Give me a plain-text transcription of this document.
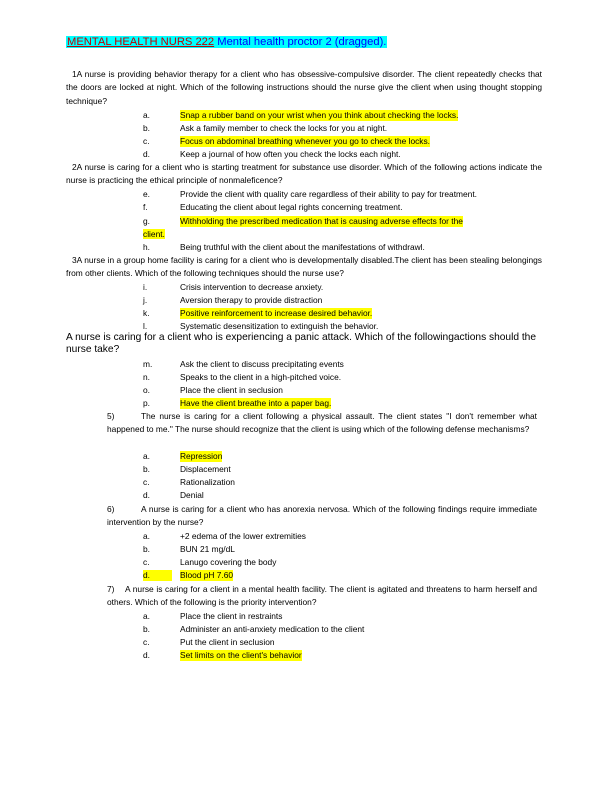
MENTAL HEALTH NURS 222 Mental health proctor 2 (dragged).
1A nurse is providing behavior therapy for a client who has obsessive-compulsive disorder. The client repeatedly checks that the doors are locked at night. Which of the following instructions should the nurse give the client when using thought stopping technique?
a.	Snap a rubber band on your wrist when you think about checking the locks.
b.	Ask a family member to check the locks for you at night.
c.	Focus on abdominal breathing whenever you go to check the locks.
d.	Keep a journal of how often you check the locks each night.
2A nurse is caring for a client who is starting treatment for substance use disorder. Which of the following actions indicate the nurse is practicing the ethical principle of nonmaleficence?
e.	Provide the client with quality care regardless of their ability to pay for treatment.
f.	Educating the client about legal rights concerning treatment.
g.	Withholding the prescribed medication that is causing adverse effects for the
client.
h.	Being truthful with the client about the manifestations of withdrawl.
3A nurse in a group home facility is caring for a client who is developmentally disabled.The client has been stealing belongings from other clients. Which of the following techniques should the nurse use?
i.	Crisis intervention to decrease anxiety.
j.	Aversion therapy to provide distraction
k.	Positive reinforcement to increase desired behavior.
l.	Systematic desensitization to extinguish the behavior.
A nurse is caring for a client who is experiencing a panic attack. Which of the followingactions should the nurse take?
m.	Ask the client to discuss precipitating events
n.	Speaks to the client in a high-pitched voice.
o.	Place the client in seclusion
p.	Have the client breathe into a paper bag.
5)	The nurse is caring for a client following a physical assault. The client states "I don't remember what happened to me." The nurse should recognize that the client is using which of the following defense mechanisms?
a.	Repression
b.	Displacement
c.	Rationalization
d.	Denial
6)	A nurse is caring for a client who has anorexia nervosa. Which of the following findings require immediate intervention by the nurse?
a.	+2 edema of the lower extremities
b.	BUN 21 mg/dL
c.	Lanugo covering the body
d.	Blood pH 7.60
7) A nurse is caring for a client in a mental health facility. The client is agitated and threatens to harm herself and others. Which of the following is the priority intervention?
a.	Place the client in restraints
b.	Administer an anti-anxiety medication to the client
c.	Put the client in seclusion
d.	Set limits on the client's behavior
